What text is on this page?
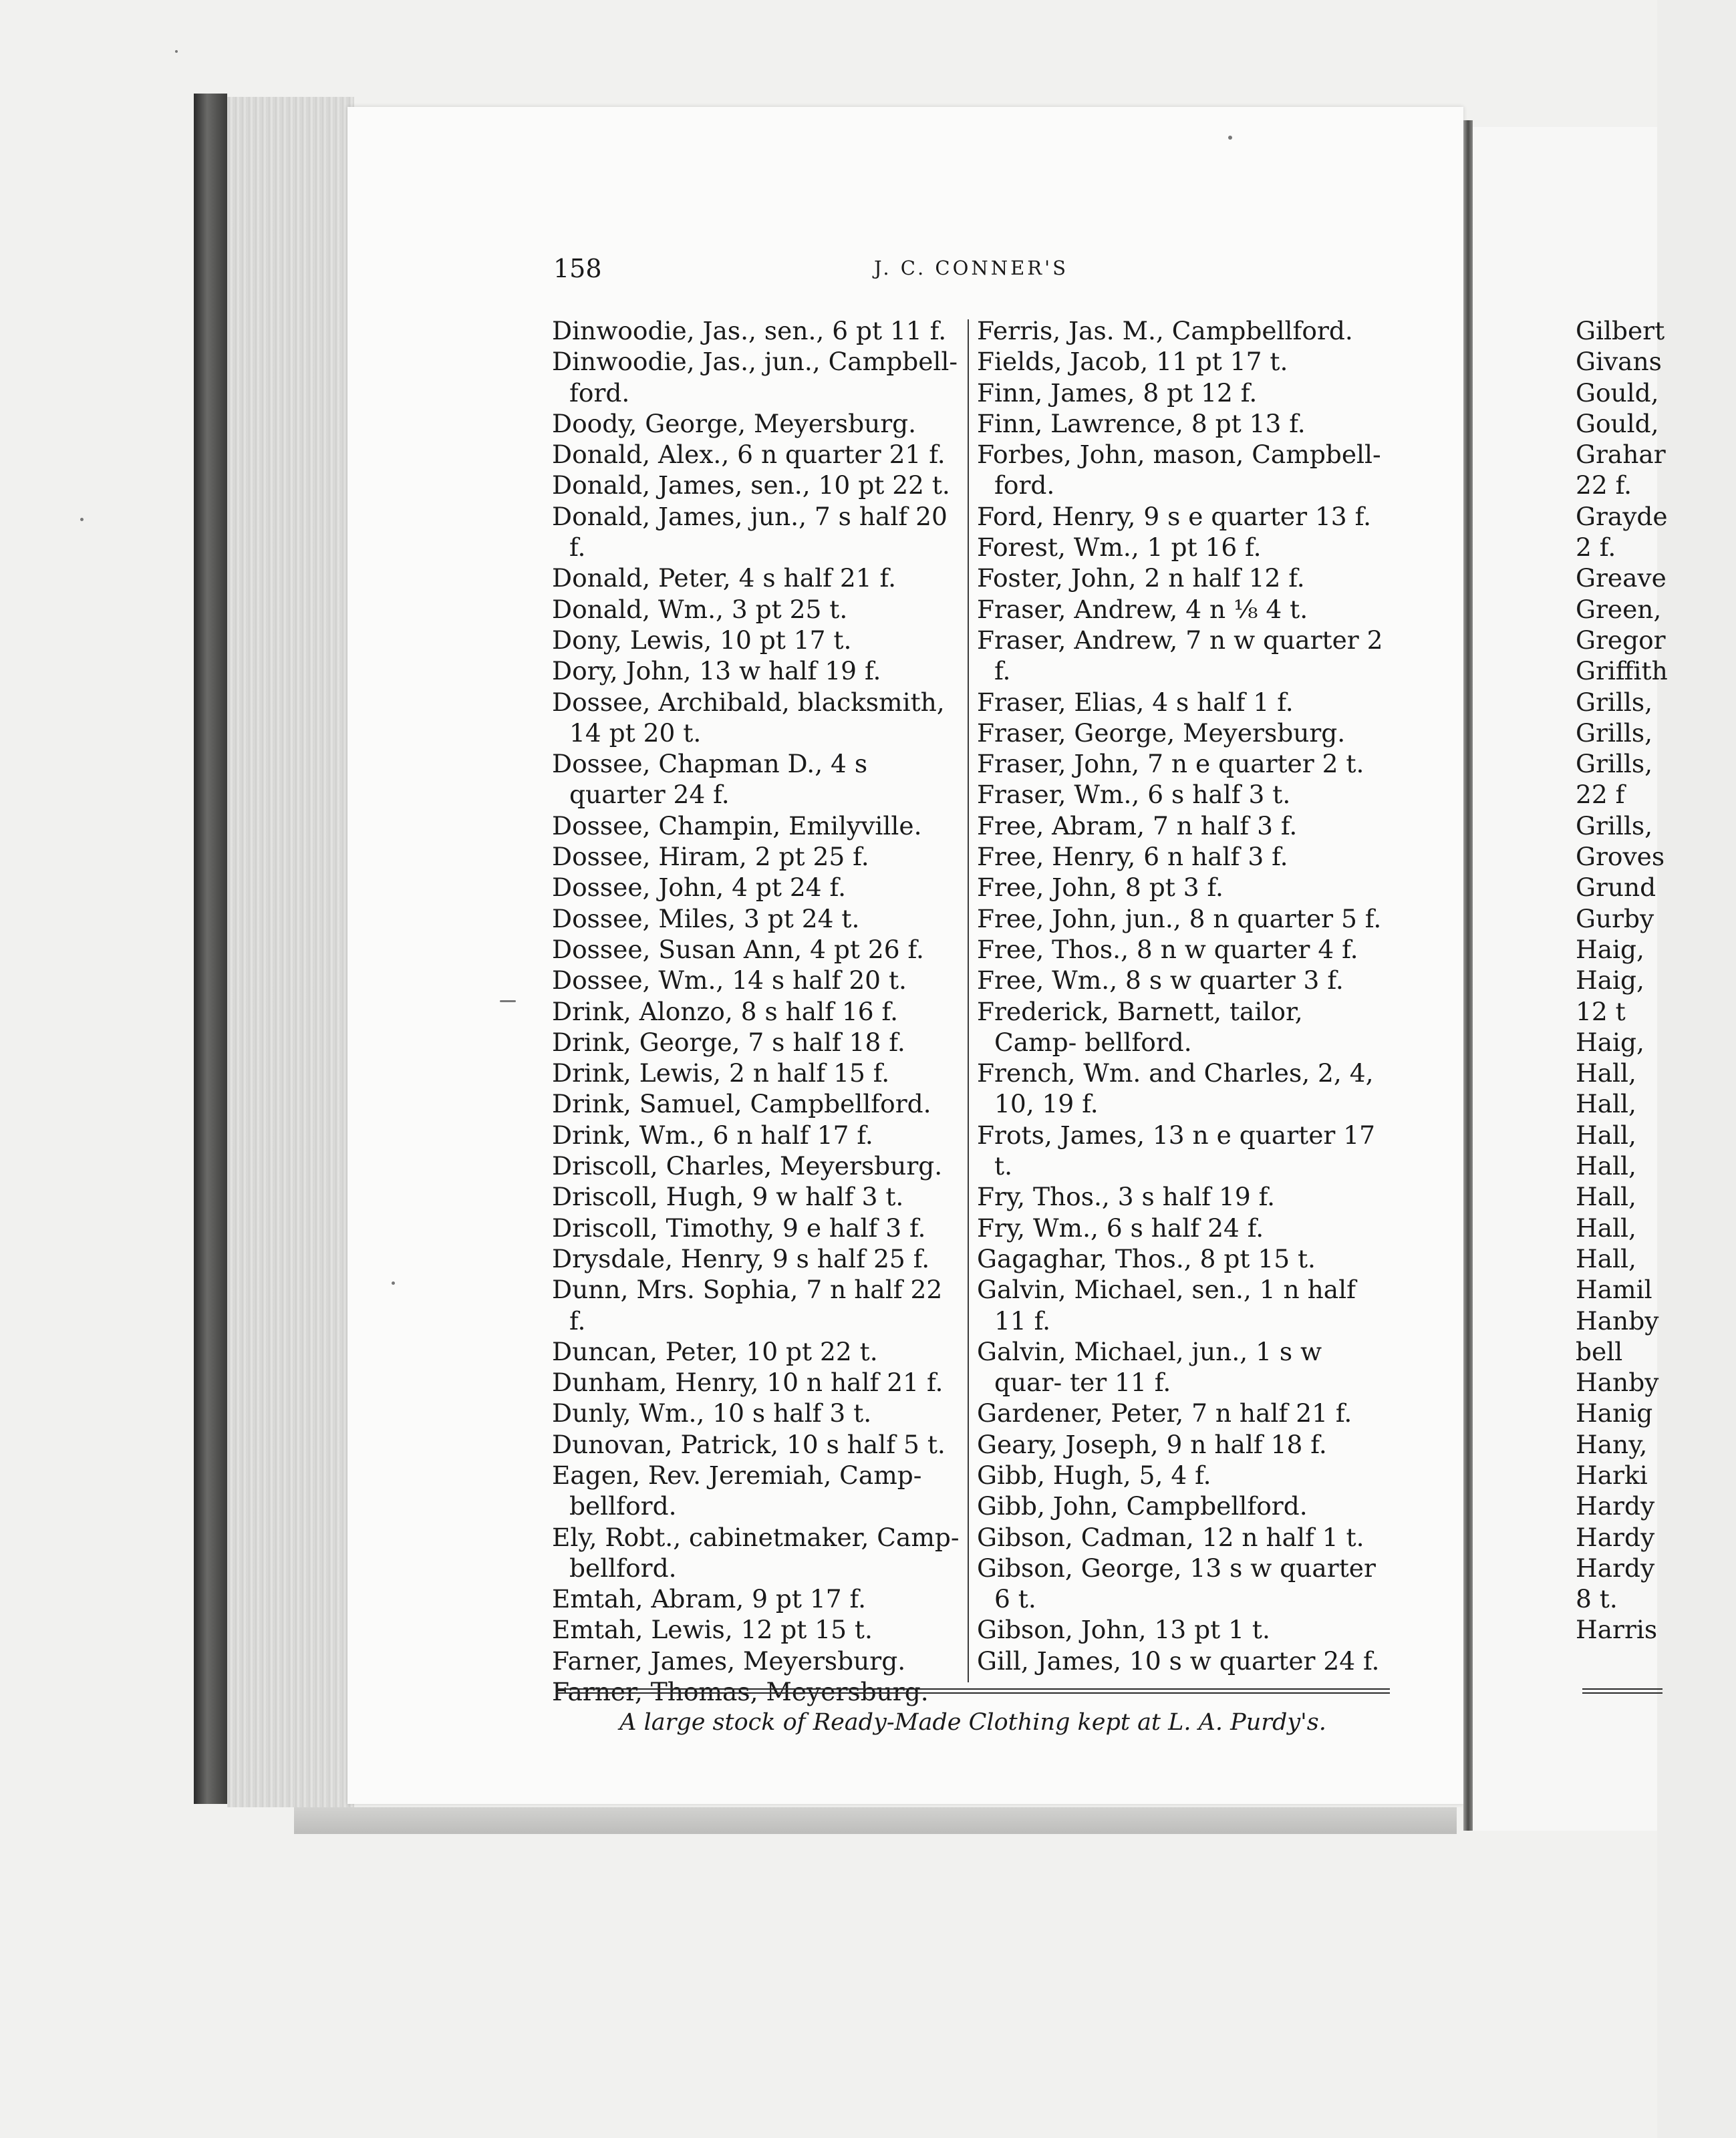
158	J. C. CONNER'S
Dinwoodie, Jas., sen., 6 pt 11 f.
Dinwoodie, Jas., jun., Campbell- ford.
Doody, George, Meyersburg.
Donald, Alex., 6 n quarter 21 f.
Donald, James, sen., 10 pt 22 t.
Donald, James, jun., 7 s half 20 f.
Donald, Peter, 4 s half 21 f.
Donald, Wm., 3 pt 25 t.
Dony, Lewis, 10 pt 17 t.
Dory, John, 13 w half 19 f.
Dossee, Archibald, blacksmith, 14 pt 20 t.
Dossee, Chapman D., 4 s quarter 24 f.
Dossee, Champin, Emilyville.
Dossee, Hiram, 2 pt 25 f.
Dossee, John, 4 pt 24 f.
Dossee, Miles, 3 pt 24 t.
Dossee, Susan Ann, 4 pt 26 f.
Dossee, Wm., 14 s half 20 t.
Drink, Alonzo, 8 s half 16 f.
Drink, George, 7 s half 18 f.
Drink, Lewis, 2 n half 15 f.
Drink, Samuel, Campbellford.
Drink, Wm., 6 n half 17 f.
Driscoll, Charles, Meyersburg.
Driscoll, Hugh, 9 w half 3 t.
Driscoll, Timothy, 9 e half 3 f.
Drysdale, Henry, 9 s half 25 f.
Dunn, Mrs. Sophia, 7 n half 22 f.
Duncan, Peter, 10 pt 22 t.
Dunham, Henry, 10 n half 21 f.
Dunly, Wm., 10 s half 3 t.
Dunovan, Patrick, 10 s half 5 t.
Eagen, Rev. Jeremiah, Camp- bellford.
Ely, Robt., cabinetmaker, Camp- bellford.
Emtah, Abram, 9 pt 17 f.
Emtah, Lewis, 12 pt 15 t.
Farner, James, Meyersburg.
Farner, Thomas, Meyersburg.
Ferris, Jas. M., Campbellford.
Fields, Jacob, 11 pt 17 t.
Finn, James, 8 pt 12 f.
Finn, Lawrence, 8 pt 13 f.
Forbes, John, mason, Campbell- ford.
Ford, Henry, 9 s e quarter 13 f.
Forest, Wm., 1 pt 16 f.
Foster, John, 2 n half 12 f.
Fraser, Andrew, 4 n ⅛ 4 t.
Fraser, Andrew, 7 n w quarter 2 f.
Fraser, Elias, 4 s half 1 f.
Fraser, George, Meyersburg.
Fraser, John, 7 n e quarter 2 t.
Fraser, Wm., 6 s half 3 t.
Free, Abram, 7 n half 3 f.
Free, Henry, 6 n half 3 f.
Free, John, 8 pt 3 f.
Free, John, jun., 8 n quarter 5 f.
Free, Thos., 8 n w quarter 4 f.
Free, Wm., 8 s w quarter 3 f.
Frederick, Barnett, tailor, Camp- bellford.
French, Wm. and Charles, 2, 4, 10, 19 f.
Frots, James, 13 n e quarter 17 t.
Fry, Thos., 3 s half 19 f.
Fry, Wm., 6 s half 24 f.
Gagaghar, Thos., 8 pt 15 t.
Galvin, Michael, sen., 1 n half 11 f.
Galvin, Michael, jun., 1 s w quar- ter 11 f.
Gardener, Peter, 7 n half 21 f.
Geary, Joseph, 9 n half 18 f.
Gibb, Hugh, 5, 4 f.
Gibb, John, Campbellford.
Gibson, Cadman, 12 n half 1 t.
Gibson, George, 13 s w quarter 6 t.
Gibson, John, 13 pt 1 t.
Gill, James, 10 s w quarter 24 f.
Gilbert
Givans
Gould,
Gould,
Grahar
22 f.
Grayde
2 f.
Greave
Green,
Gregor
Griffith
Grills,
Grills,
Grills,
22 f
Grills,
Groves
Grund
Gurby
Haig,
Haig,
12 t
Haig,
Hall,
Hall,
Hall,
Hall,
Hall,
Hall,
Hall,
Hamil
Hanby
bell
Hanby
Hanig
Hany,
Harki
Hardy
Hardy
Hardy
8 t.
Harris
A large stock of Ready-Made Clothing kept at L. A. Purdy's.
